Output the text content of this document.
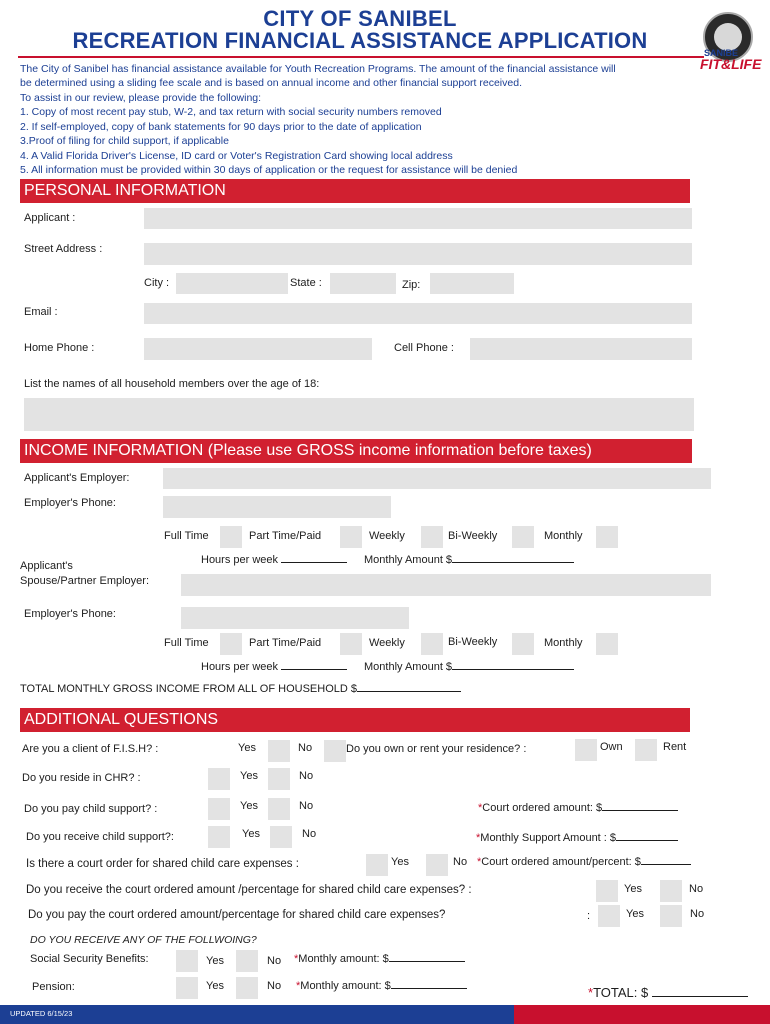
CITY OF SANIBEL
RECREATION FINANCIAL ASSISTANCE APPLICATION	SANIBE
FIT&LIFE
The City of Sanibel has financial assistance available for Youth Recreation Programs. The amount of the financial assistance will
be determined using a sliding fee scale and is based on annual income and other financial support received.
To assist in our review, please provide the following:
1. Copy of most recent pay stub, W-2, and tax return with social security numbers removed
2. If self-employed, copy of bank statements for 90 days prior to the date of application
3.Proof of filing for child support, if applicable
4. A Valid Florida Driver's License, ID card or Voter's Registration Card showing local address
5. All information must be provided within 30 days of application or the request for assistance will be denied
PERSONAL INFORMATION
Applicant :
Street Address :
City :	State :	Zip:
Email :
Home Phone :	Cell Phone :
List the names of all household members over the age of 18:
INCOME INFORMATION (Please use GROSS income information before taxes)
Applicant's Employer:
Employer's Phone:
Full Time	Part Time/Paid	Weekly	Bi-Weekly	Monthly
Hours per week	Monthly Amount $
Applicant's
Spouse/Partner Employer:
Employer's Phone:
Full Time	Part Time/Paid	Weekly	Bi-Weekly	Monthly
Hours per week	Monthly Amount $
TOTAL MONTHLY GROSS INCOME FROM ALL OF HOUSEHOLD $
ADDITIONAL QUESTIONS
Are you a client of F.I.S.H? :	Yes	No	Do you own or rent your residence? :	Own	Rent
Do you reside in CHR? :	Yes	No
Do you pay child support? :	Yes	No	*Court ordered amount: $
Do you receive child support?:	Yes	No	*Monthly Support Amount : $
Is there a court order for shared child care expenses :	Yes	No *Court ordered amount/percent: $
Do you receive the court ordered amount /percentage for shared child care expenses? :	Yes	No
Do you pay the court ordered amount/percentage for shared child care expenses?	:	Yes	No
DO YOU RECEIVE ANY OF THE FOLLWOING?
Social Security Benefits:	Yes	No *Monthly amount: $
Pension:	Yes	No *Monthly amount: $	*TOTAL: $
UPDATED 6/15/23
